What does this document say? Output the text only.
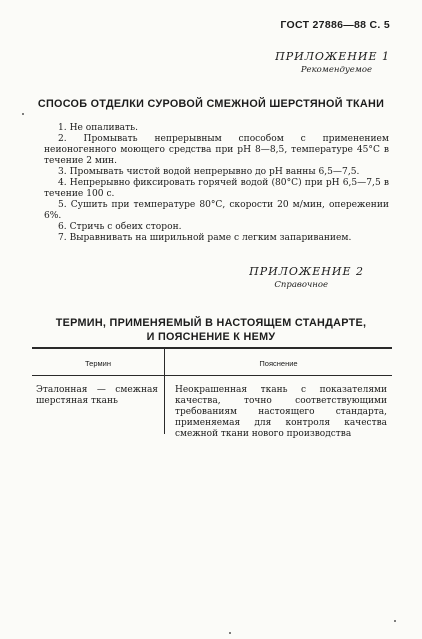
ГОСТ 27886—88 С. 5
ПРИЛОЖЕНИЕ 1
Рекомендуемое
СПОСОБ ОТДЕЛКИ СУРОВОЙ СМЕЖНОЙ ШЕРСТЯНОЙ ТКАНИ
1. Не опаливать.
2. Промывать непрерывным способом с применением неионогенного моющего средства при рН 8—8,5, температуре 45°С в течение 2 мин.
3. Промывать чистой водой непрерывно до рН ванны 6,5—7,5.
4. Непрерывно фиксировать горячей водой (80°С) при рН 6,5—7,5 в течение 100 с.
5. Сушить при температуре 80°С, скорости 20 м/мин, опережении 6%.
6. Стричь с обеих сторон.
7. Выравнивать на ширильной раме с легким запариванием.
ПРИЛОЖЕНИЕ 2
Справочное
ТЕРМИН, ПРИМЕНЯЕМЫЙ В НАСТОЯЩЕМ СТАНДАРТЕ,
И ПОЯСНЕНИЕ К НЕМУ
Термин	Пояснение
Эталонная — смежная шерстяная ткань
Неокрашенная ткань с показателями качества, точно соответствующими требованиям настоящего стандарта, применяемая для контроля качества смежной ткани нового производства
